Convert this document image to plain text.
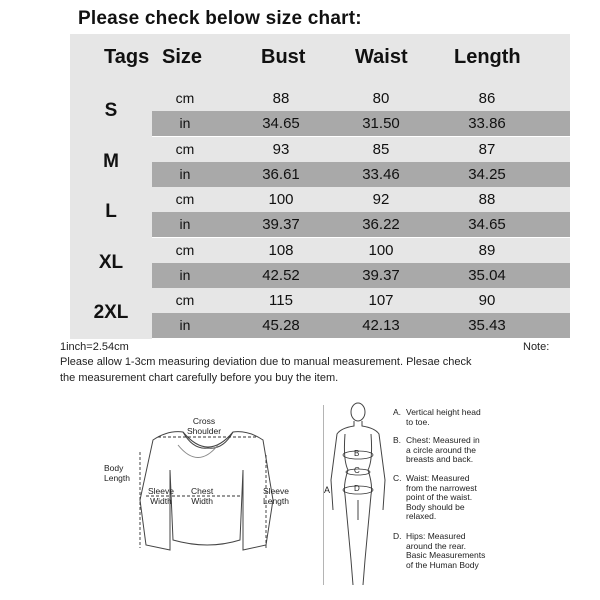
Please check below size chart:
Tags Size	Bust Waist Length
S
cm	88	80	86
in	34.65	31.50	33.86
M
cm	93	85	87
in	36.61	33.46	34.25
L
cm	100	92	88
in	39.37	36.22	34.65
XL
cm	108	100	89
in	42.52	39.37	35.04
2XL
cm	115	107	90
in	45.28	42.13	35.43
1inch=2.54cm	Note:
Please allow 1-3cm measuring deviation due to manual measurement. Plesae check
the measurement chart carefully before you buy the item.
Cross
Shoulder
Body
Length
Sleeve
Width
Chest
Width
Sleeve
Length
A
B
C
D
A. Vertical height head
to toe.
B. Chest: Measured in
a circle around the
breasts and back.
C. Waist: Measured
from the narrowest
point of the waist.
Body should be
relaxed.
D. Hips: Measured
around the rear.
Basic Measurements
of the Human Body
